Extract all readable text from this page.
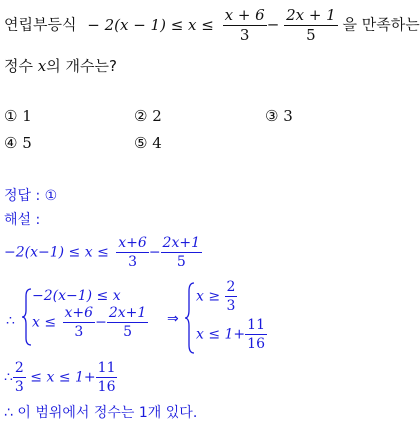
연립부등식 − $2(x - 1) \le x \le \frac{x + 6}{3} - \frac{2x + 1}{5}$ 을 만족하는
정수 x의 개수는?
① 1	② 2	③ 3
④ 5	⑤ 4
정답 : ①
해설 :
$-2(x-1) \le x \le \frac{x+6}{3} - \frac{2x+1}{5}$
∴
−2(x−1) ≤ x
$x \le \frac{x+6}{3} - \frac{2x+1}{5}$ ⇒
$x \ge \frac{2}{3}$
$x \le 1+ \frac{11}{16}$
∴ $\frac{2}{3} \le x \le 1+ \frac{11}{16}$
∴ 이 범위에서 정수는 1개 있다.
